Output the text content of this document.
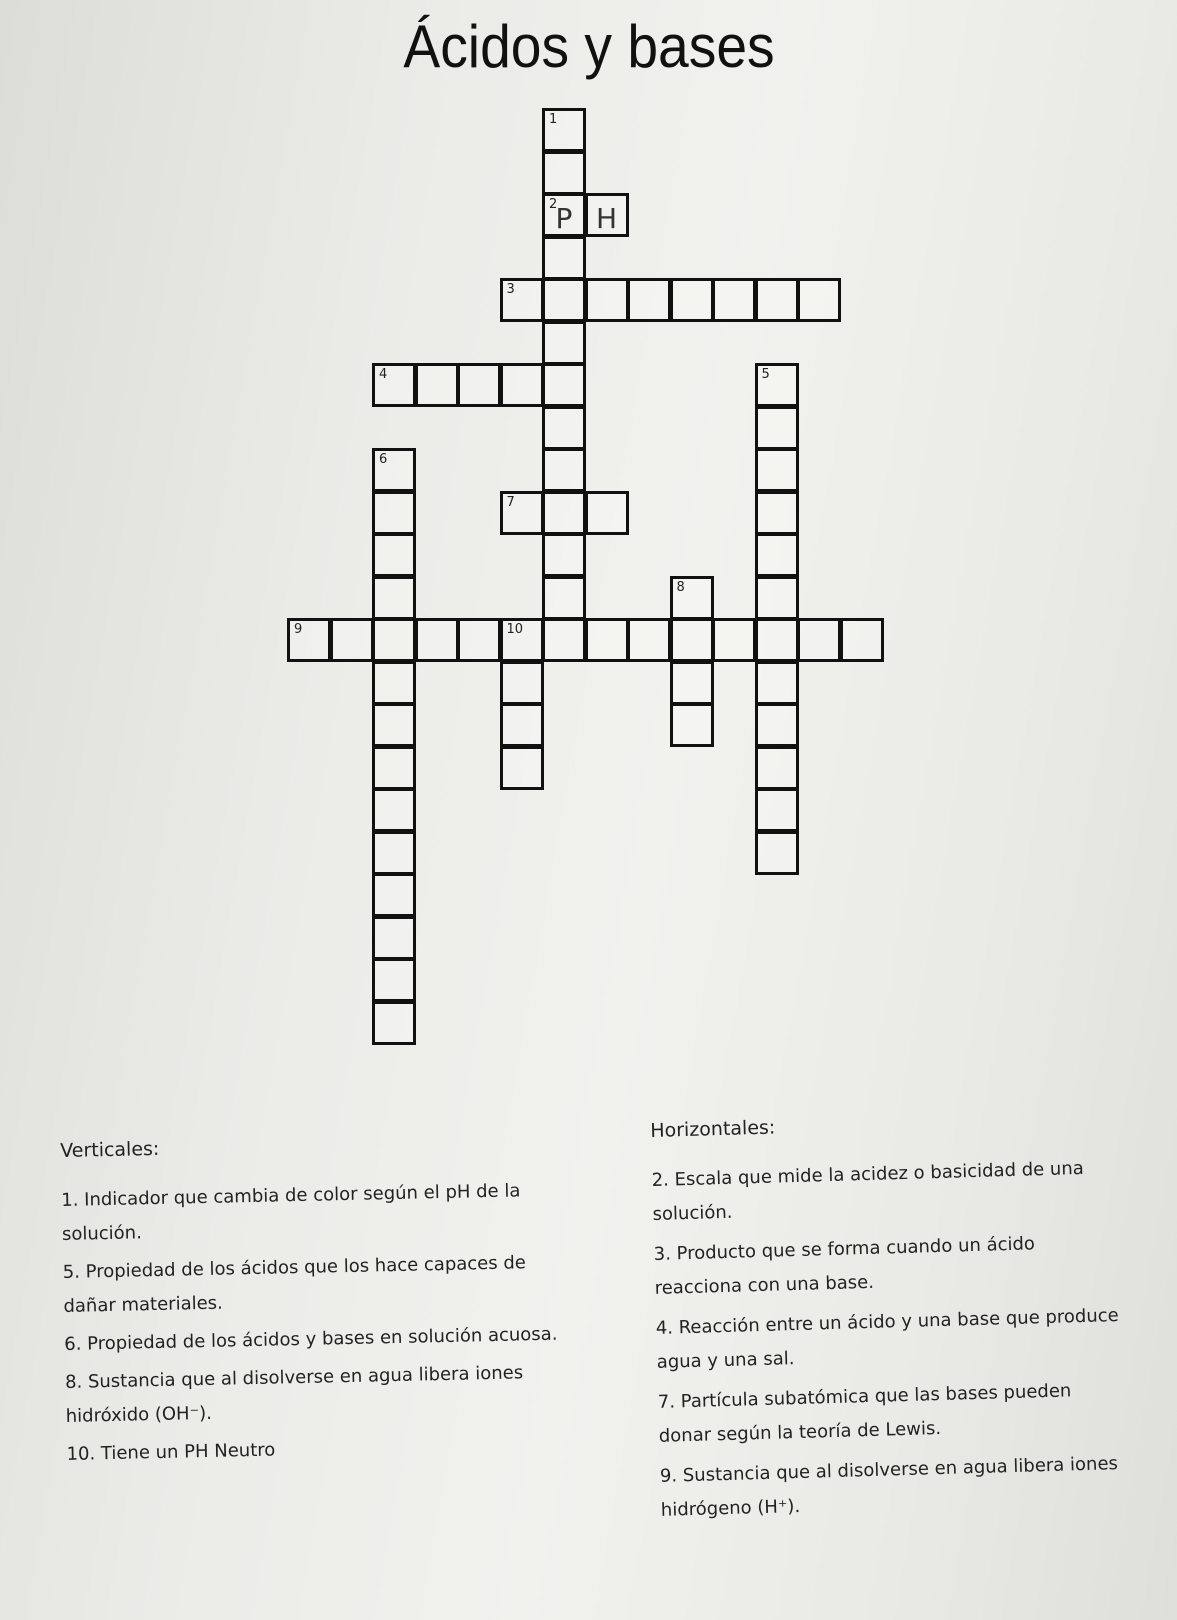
Ácidos y bases
1
2
P H
3
4	5
6
7
8
9	10
Verticales:
1. Indicador que cambia de color según el pH de la solución.
5. Propiedad de los ácidos que los hace capaces de dañar materiales.
6. Propiedad de los ácidos y bases en solución acuosa.
8. Sustancia que al disolverse en agua libera iones hidróxido (OH⁻).
10. Tiene un PH Neutro
Horizontales:
2. Escala que mide la acidez o basicidad de una solución.
3. Producto que se forma cuando un ácido reacciona con una base.
4. Reacción entre un ácido y una base que produce agua y una sal.
7. Partícula subatómica que las bases pueden donar según la teoría de Lewis.
9. Sustancia que al disolverse en agua libera iones hidrógeno (H⁺).
